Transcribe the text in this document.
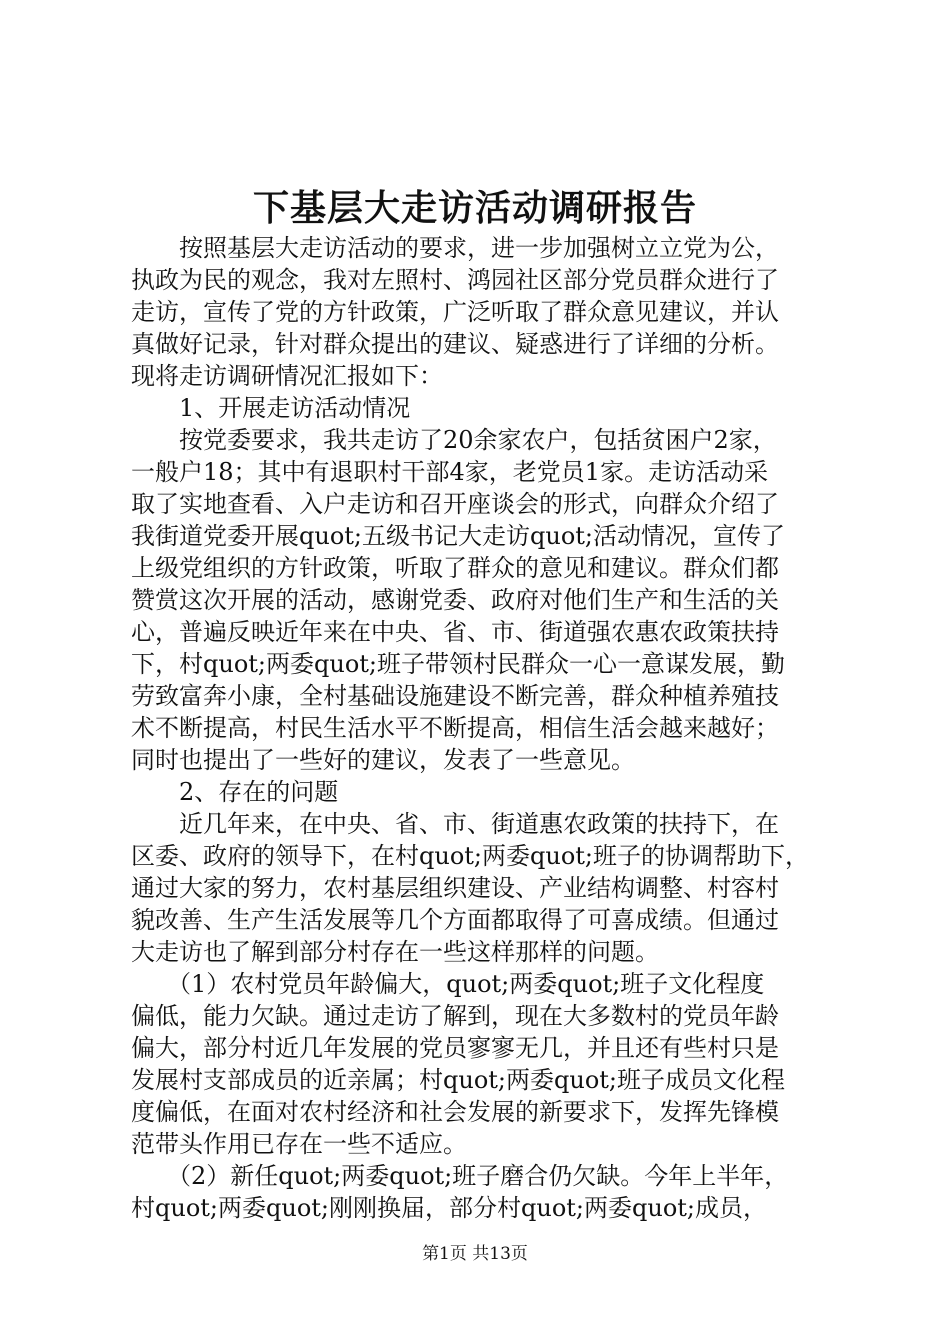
下基层大走访活动调研报告
　　按照基层大走访活动的要求，进一步加强树立立党为公，
执政为民的观念，我对左照村、鸿园社区部分党员群众进行了
走访，宣传了党的方针政策，广泛听取了群众意见建议，并认
真做好记录，针对群众提出的建议、疑惑进行了详细的分析。
现将走访调研情况汇报如下：
　　1、开展走访活动情况
　　按党委要求，我共走访了20余家农户，包括贫困户2家，
一般户18；其中有退职村干部4家，老党员1家。走访活动采
取了实地查看、入户走访和召开座谈会的形式，向群众介绍了
我街道党委开展quot;五级书记大走访quot;活动情况，宣传了
上级党组织的方针政策，听取了群众的意见和建议。群众们都
赞赏这次开展的活动，感谢党委、政府对他们生产和生活的关
心，普遍反映近年来在中央、省、市、街道强农惠农政策扶持
下，村quot;两委quot;班子带领村民群众一心一意谋发展，勤
劳致富奔小康，全村基础设施建设不断完善，群众种植养殖技
术不断提高，村民生活水平不断提高，相信生活会越来越好；
同时也提出了一些好的建议，发表了一些意见。
　　2、存在的问题
　　近几年来，在中央、省、市、街道惠农政策的扶持下，在
区委、政府的领导下，在村quot;两委quot;班子的协调帮助下，
通过大家的努力，农村基层组织建设、产业结构调整、村容村
貌改善、生产生活发展等几个方面都取得了可喜成绩。但通过
大走访也了解到部分村存在一些这样那样的问题。
　　（1）农村党员年龄偏大，quot;两委quot;班子文化程度
偏低，能力欠缺。通过走访了解到，现在大多数村的党员年龄
偏大，部分村近几年发展的党员寥寥无几，并且还有些村只是
发展村支部成员的近亲属；村quot;两委quot;班子成员文化程
度偏低，在面对农村经济和社会发展的新要求下，发挥先锋模
范带头作用已存在一些不适应。
　　（2）新任quot;两委quot;班子磨合仍欠缺。今年上半年，
村quot;两委quot;刚刚换届，部分村quot;两委quot;成员，
第1页 共13页
